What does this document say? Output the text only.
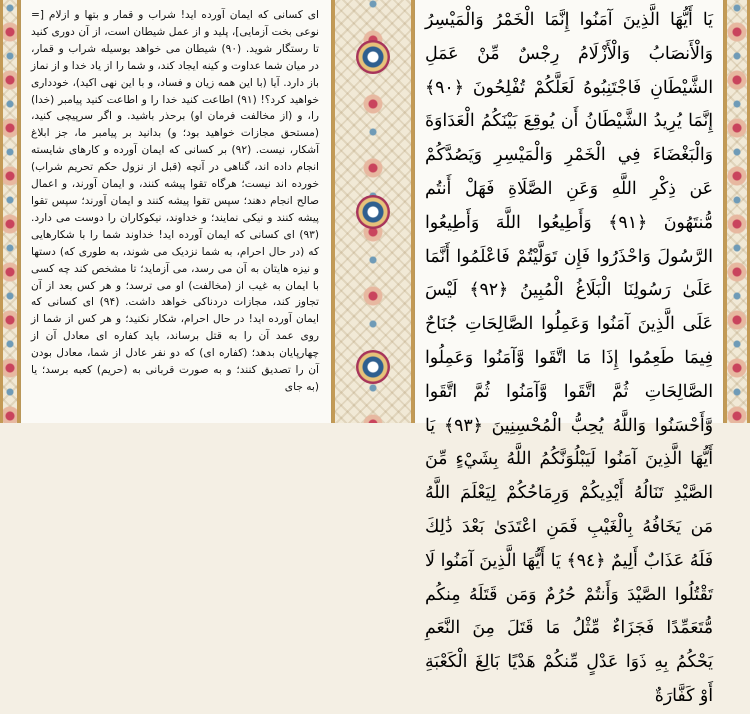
ای کسانی که ایمان آورده اید! شراب و قمار و بتها و ازلام [= نوعی بخت آزمایی]، پلید و از عمل شیطان است، از آن دوری کنید تا رستگار شوید. (۹۰) شیطان می خواهد بوسیله شراب و قمار، در میان شما عداوت و کینه ایجاد کند، و شما را از یاد خدا و از نماز باز دارد. آیا (با این همه زیان و فساد، و با این نهی اکید)، خودداری خواهید کرد؟! (۹۱) اطاعت کنید خدا را و اطاعت کنید پیامبر (خدا) را، و (از مخالفت فرمان او) برحذر باشید. و اگر سرپیچی کنید، (مستحق مجازات خواهید بود؛ و) بدانید بر پیامبر ما، جز ابلاغ آشکار، نیست. (۹۲) بر کسانی که ایمان آورده و کارهای شایسته انجام داده اند، گناهی در آنچه (قبل از نزول حکم تحریم شراب) خورده اند نیست؛ هرگاه تقوا پیشه کنند، و ایمان آورند، و اعمال صالح انجام دهند؛ سپس تقوا پیشه کنند و ایمان آورند؛ سپس تقوا پیشه کنند و نیکی نمایند؛ و خداوند، نیکوکاران را دوست می دارد. (۹۳) ای کسانی که ایمان آورده اید! خداوند شما را با شکارهایی که (در حال احرام، به شما نزدیک می شوند، به طوری که) دستها و نیزه هایتان به آن می رسد، می آزماید؛ تا مشخص کند چه کسی با ایمان به غیب از (مخالفت) او می ترسد؛ و هر کس بعد از آن تجاوز کند، مجازات دردناکی خواهد داشت. (۹۴) ای کسانی که ایمان آورده اید! در حال احرام، شکار نکنید؛ و هر کس از شما از روی عمد آن را به قتل برساند، باید کفاره ای معادل آن از چهارپایان بدهد؛ (کفاره ای) که دو نفر عادل از شما، معادل بودن آن را تصدیق کنند؛ و به صورت قربانی به (حریم) کعبه برسد؛ یا (به جای

يَا أَيُّهَا الَّذِينَ آمَنُوا إِنَّمَا الْخَمْرُ وَالْمَيْسِرُ وَالْأَنصَابُ وَالْأَزْلَامُ رِجْسٌ مِّنْ عَمَلِ الشَّيْطَانِ فَاجْتَنِبُوهُ لَعَلَّكُمْ تُفْلِحُونَ ﴿٩٠﴾ إِنَّمَا يُرِيدُ الشَّيْطَانُ أَن يُوقِعَ بَيْنَكُمُ الْعَدَاوَةَ وَالْبَغْضَاءَ فِي الْخَمْرِ وَالْمَيْسِرِ وَيَصُدَّكُمْ عَن ذِكْرِ اللَّهِ وَعَنِ الصَّلَاةِ فَهَلْ أَنتُم مُّنتَهُونَ ﴿٩١﴾ وَأَطِيعُوا اللَّهَ وَأَطِيعُوا الرَّسُولَ وَاحْذَرُوا فَإِن تَوَلَّيْتُمْ فَاعْلَمُوا أَنَّمَا عَلَىٰ رَسُولِنَا الْبَلَاغُ الْمُبِينُ ﴿٩٢﴾ لَيْسَ عَلَى الَّذِينَ آمَنُوا وَعَمِلُوا الصَّالِحَاتِ جُنَاحٌ فِيمَا طَعِمُوا إِذَا مَا اتَّقَوا وَّآمَنُوا وَعَمِلُوا الصَّالِحَاتِ ثُمَّ اتَّقَوا وَّآمَنُوا ثُمَّ اتَّقَوا وَّأَحْسَنُوا وَاللَّهُ يُحِبُّ الْمُحْسِنِينَ ﴿٩٣﴾ يَا أَيُّهَا الَّذِينَ آمَنُوا لَيَبْلُوَنَّكُمُ اللَّهُ بِشَيْءٍ مِّنَ الصَّيْدِ تَنَالُهُ أَيْدِيكُمْ وَرِمَاحُكُمْ لِيَعْلَمَ اللَّهُ مَن يَخَافُهُ بِالْغَيْبِ فَمَنِ اعْتَدَىٰ بَعْدَ ذَٰلِكَ فَلَهُ عَذَابٌ أَلِيمٌ ﴿٩٤﴾ يَا أَيُّهَا الَّذِينَ آمَنُوا لَا تَقْتُلُوا الصَّيْدَ وَأَنتُمْ حُرُمٌ وَمَن قَتَلَهُ مِنكُم مُّتَعَمِّدًا فَجَزَاءٌ مِّثْلُ مَا قَتَلَ مِنَ النَّعَمِ يَحْكُمُ بِهِ ذَوَا عَدْلٍ مِّنكُمْ هَدْيًا بَالِغَ الْكَعْبَةِ أَوْ كَفَّارَةٌ
